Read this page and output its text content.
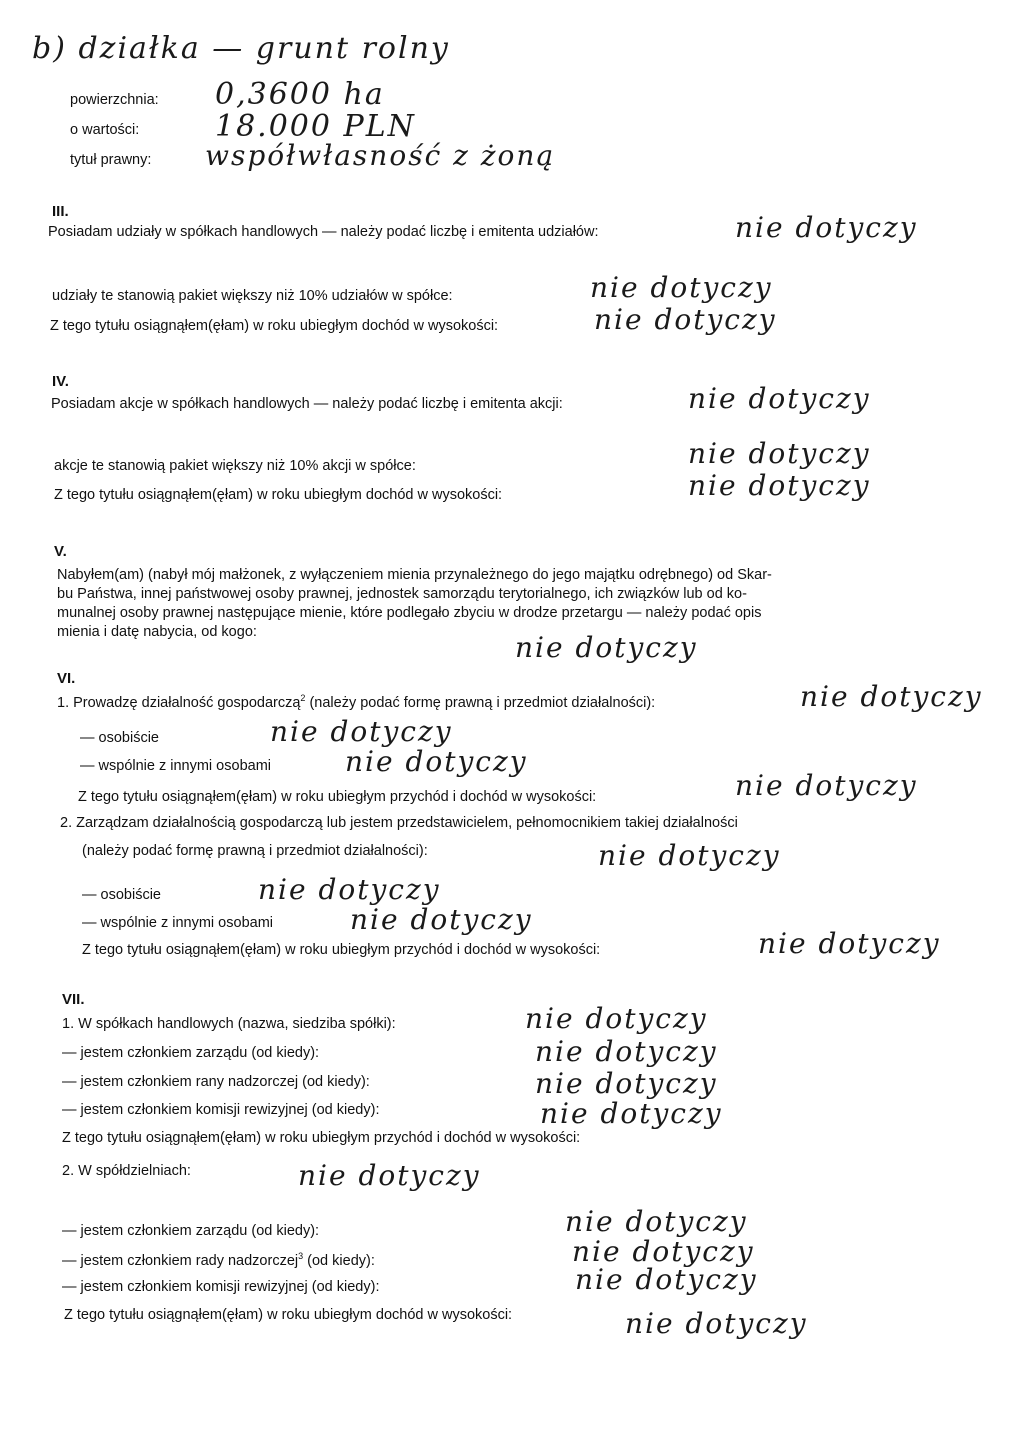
b) działka — grunt rolny
powierzchnia: 0,3600 ha
o wartości:	18.000 PLN
tytuł prawny: współwłasność z żoną
III.
Posiadam udziały w spółkach handlowych — należy podać liczbę i emitenta udziałów:	nie dotyczy
udziały te stanowią pakiet większy niż 10% udziałów w spółce:	nie dotyczy
Z tego tytułu osiągnąłem(ęłam) w roku ubiegłym dochód w wysokości:	nie dotyczy
IV.
Posiadam akcje w spółkach handlowych — należy podać liczbę i emitenta akcji:	nie dotyczy
akcje te stanowią pakiet większy niż 10% akcji w spółce:	nie dotyczy
Z tego tytułu osiągnąłem(ęłam) w roku ubiegłym dochód w wysokości:	nie dotyczy
V.
Nabyłem(am) (nabył mój małżonek, z wyłączeniem mienia przynależnego do jego majątku odrębnego) od Skar-
bu Państwa, innej państwowej osoby prawnej, jednostek samorządu terytorialnego, ich związków lub od ko-
munalnej osoby prawnej następujące mienie, które podlegało zbyciu w drodze przetargu — należy podać opis
mienia i datę nabycia, od kogo:	nie dotyczy
VI.
1. Prowadzę działalność gospodarczą$^2$ (należy podać formę prawną i przedmiot działalności):	nie dotyczy
— osobiście	nie dotyczy
— wspólnie z innymi osobami	nie dotyczy
Z tego tytułu osiągnąłem(ęłam) w roku ubiegłym przychód i dochód w wysokości:	nie dotyczy
2. Zarządzam działalnością gospodarczą lub jestem przedstawicielem, pełnomocnikiem takiej działalności
(należy podać formę prawną i przedmiot działalności):	nie dotyczy
— osobiście	nie dotyczy
— wspólnie z innymi osobami	nie dotyczy
Z tego tytułu osiągnąłem(ęłam) w roku ubiegłym przychód i dochód w wysokości:	nie dotyczy
VII.
1. W spółkach handlowych (nazwa, siedziba spółki):	nie dotyczy
— jestem członkiem zarządu (od kiedy):	nie dotyczy
— jestem członkiem rany nadzorczej (od kiedy):	nie dotyczy
— jestem członkiem komisji rewizyjnej (od kiedy):	nie dotyczy
Z tego tytułu osiągnąłem(ęłam) w roku ubiegłym przychód i dochód w wysokości:
2. W spółdzielniach:	nie dotyczy
— jestem członkiem zarządu (od kiedy):	nie dotyczy
— jestem członkiem rady nadzorczej$^3$ (od kiedy):	nie dotyczy
— jestem członkiem komisji rewizyjnej (od kiedy):	nie dotyczy
Z tego tytułu osiągnąłem(ęłam) w roku ubiegłym dochód w wysokości:	nie dotyczy
